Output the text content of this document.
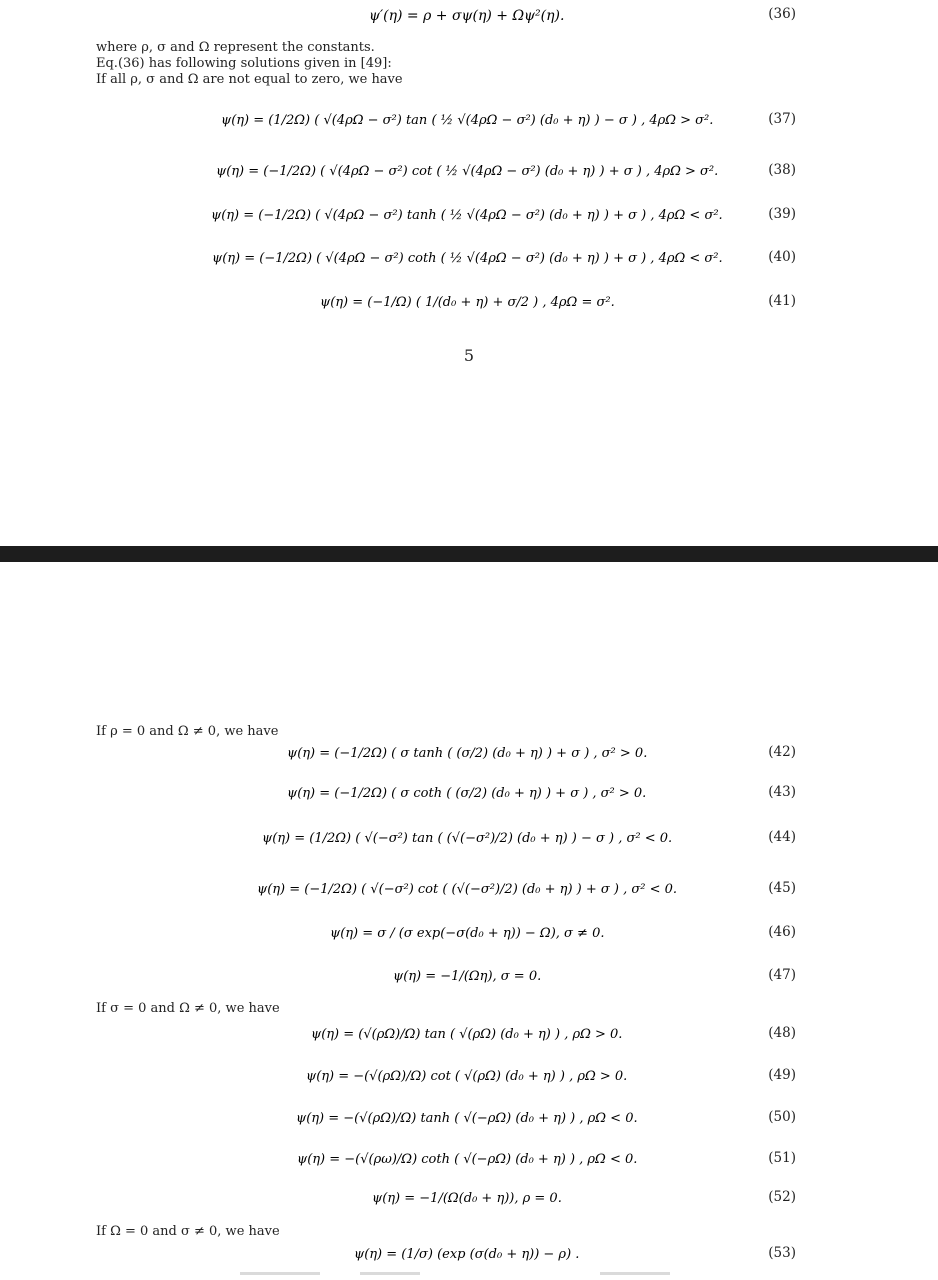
ψ′(η) = ρ + σψ(η) + Ωψ²(η).	(36)
where ρ, σ and Ω represent the constants.
Eq.(36) has following solutions given in [49]:
If all ρ, σ and Ω are not equal to zero, we have
ψ(η) = (1/2Ω) ( √(4ρΩ − σ²) tan ( ½ √(4ρΩ − σ²) (d₀ + η) ) − σ ) , 4ρΩ > σ².	(37)
ψ(η) = (−1/2Ω) ( √(4ρΩ − σ²) cot ( ½ √(4ρΩ − σ²) (d₀ + η) ) + σ ) , 4ρΩ > σ².	(38)
ψ(η) = (−1/2Ω) ( √(4ρΩ − σ²) tanh ( ½ √(4ρΩ − σ²) (d₀ + η) ) + σ ) , 4ρΩ < σ².	(39)
ψ(η) = (−1/2Ω) ( √(4ρΩ − σ²) coth ( ½ √(4ρΩ − σ²) (d₀ + η) ) + σ ) , 4ρΩ < σ².	(40)
ψ(η) = (−1/Ω) ( 1/(d₀ + η) + σ/2 ) , 4ρΩ = σ².	(41)
5
If ρ = 0 and Ω ≠ 0, we have
ψ(η) = (−1/2Ω) ( σ tanh ( (σ/2) (d₀ + η) ) + σ ) , σ² > 0.	(42)
ψ(η) = (−1/2Ω) ( σ coth ( (σ/2) (d₀ + η) ) + σ ) , σ² > 0.	(43)
ψ(η) = (1/2Ω) ( √(−σ²) tan ( (√(−σ²)/2) (d₀ + η) ) − σ ) , σ² < 0.	(44)
ψ(η) = (−1/2Ω) ( √(−σ²) cot ( (√(−σ²)/2) (d₀ + η) ) + σ ) , σ² < 0.	(45)
ψ(η) = σ / (σ exp(−σ(d₀ + η)) − Ω), σ ≠ 0.	(46)
ψ(η) = −1/(Ωη), σ = 0.	(47)
If σ = 0 and Ω ≠ 0, we have
ψ(η) = (√(ρΩ)/Ω) tan ( √(ρΩ) (d₀ + η) ) , ρΩ > 0.	(48)
ψ(η) = −(√(ρΩ)/Ω) cot ( √(ρΩ) (d₀ + η) ) , ρΩ > 0.	(49)
ψ(η) = −(√(ρΩ)/Ω) tanh ( √(−ρΩ) (d₀ + η) ) , ρΩ < 0.	(50)
ψ(η) = −(√(ρω)/Ω) coth ( √(−ρΩ) (d₀ + η) ) , ρΩ < 0.	(51)
ψ(η) = −1/(Ω(d₀ + η)), ρ = 0.	(52)
If Ω = 0 and σ ≠ 0, we have
ψ(η) = (1/σ) (exp (σ(d₀ + η)) − ρ) .	(53)
